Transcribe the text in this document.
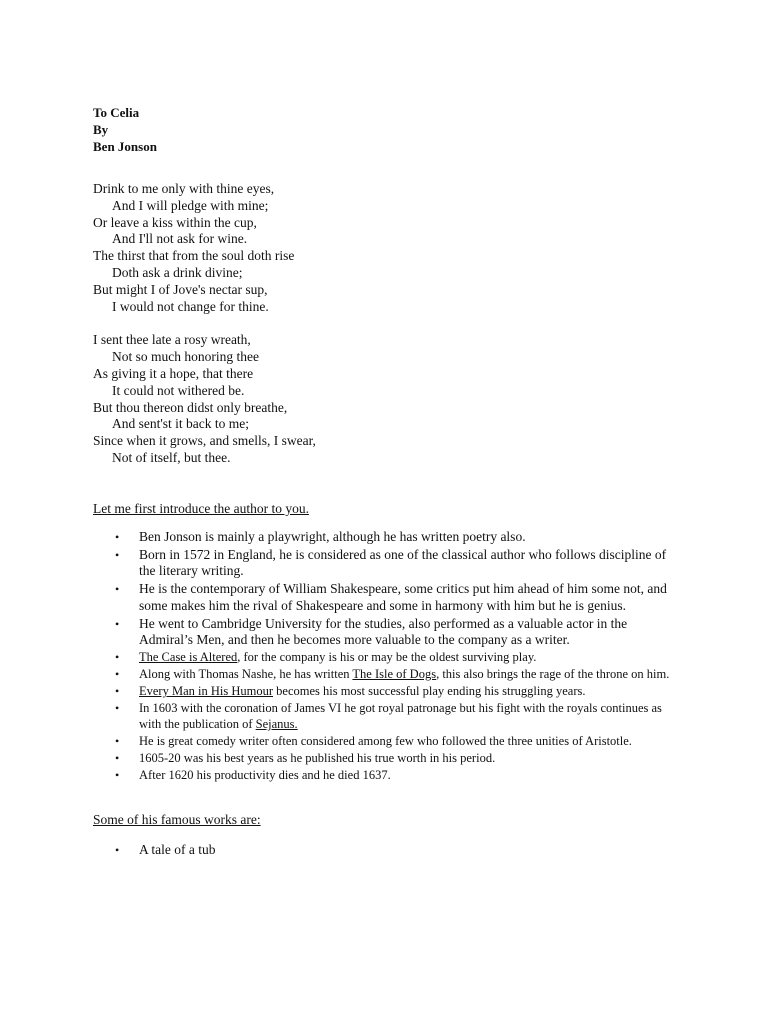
To Celia
By
Ben Jonson
Drink to me only with thine eyes,
And I will pledge with mine;
Or leave a kiss within the cup,
And I'll not ask for wine.
The thirst that from the soul doth rise
Doth ask a drink divine;
But might I of Jove's nectar sup,
I would not change for thine.
I sent thee late a rosy wreath,
Not so much honoring thee
As giving it a hope, that there
It could not withered be.
But thou thereon didst only breathe,
And sent'st it back to me;
Since when it grows, and smells, I swear,
Not of itself, but thee.
Let me first introduce the author to you.
• Ben Jonson is mainly a playwright, although he has written poetry also.
• Born in 1572 in England, he is considered as one of the classical author who follows discipline of the literary writing.
• He is the contemporary of William Shakespeare, some critics put him ahead of him some not, and some makes him the rival of Shakespeare and some in harmony with him but he is genius.
• He went to Cambridge University for the studies, also performed as a valuable actor in the Admiral’s Men, and then he becomes more valuable to the company as a writer.
• The Case is Altered, for the company is his or may be the oldest surviving play.
• Along with Thomas Nashe, he has written The Isle of Dogs, this also brings the rage of the throne on him.
• Every Man in His Humour becomes his most successful play ending his struggling years.
• In 1603 with the coronation of James VI he got royal patronage but his fight with the royals continues as with the publication of Sejanus.
• He is great comedy writer often considered among few who followed the three unities of Aristotle.
• 1605-20 was his best years as he published his true worth in his period.
• After 1620 his productivity dies and he died 1637.
Some of his famous works are:
• A tale of a tub
